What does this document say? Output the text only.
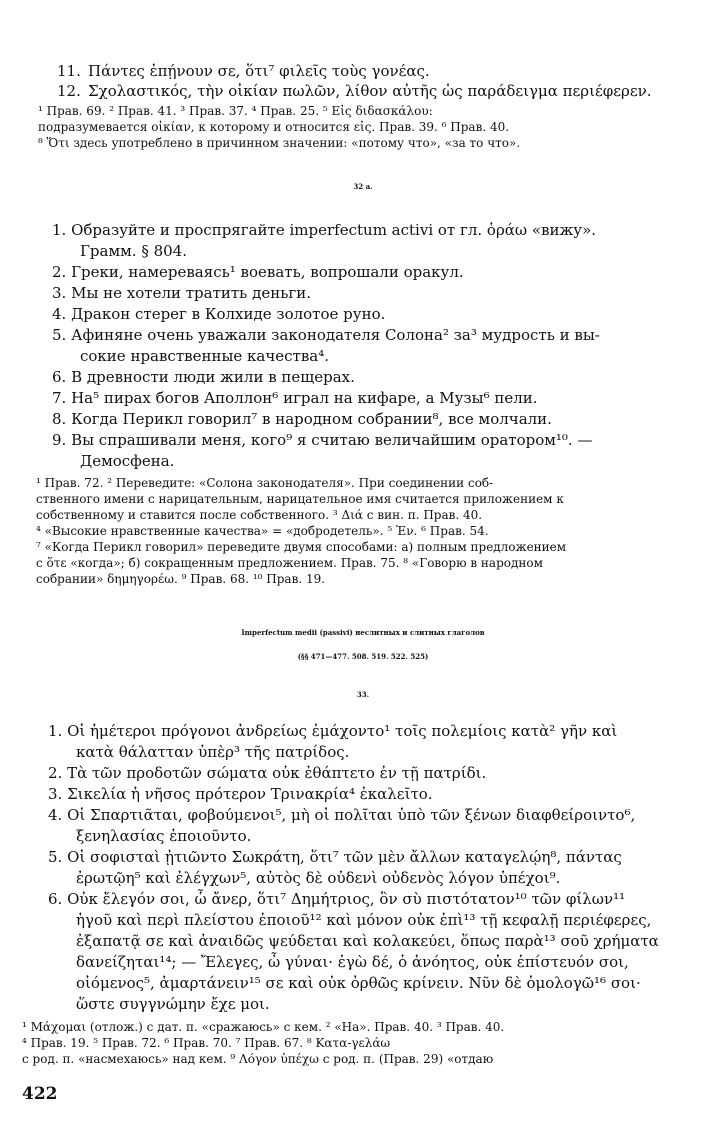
11. Πάντες ἐπῄνουν σε, ὅτι⁷ φιλεῖς τοὺς γονέας.
12. Σχολαστικός, τὴν οἰκίαν πωλῶν, λίθον αὐτῆς ὡς παράδειγμα περιέφερεν.
¹ Прав. 69. ² Прав. 41. ³ Прав. 37. ⁴ Прав. 25. ⁵ Εἰς διδασκάλου:
подразумевается οἰκίαν, к которому и относится εἰς. Прав. 39. ⁶ Прав. 40.
⁸ Ὅτι здесь употреблено в причинном значении: «потому что», «за то что».
32 а.
1. Образуйте и проспрягайте imperfectum activi от гл. ὁράω «вижу».
Грамм. § 804.
2. Греки, намереваясь¹ воевать, вопрошали оракул.
3. Мы не хотели тратить деньги.
4. Дракон стерег в Колхиде золотое руно.
5. Афиняне очень уважали законодателя Солона² за³ мудрость и вы-
сокие нравственные качества⁴.
6. В древности люди жили в пещерах.
7. На⁵ пирах богов Аполлон⁶ играл на кифаре, а Музы⁶ пели.
8. Когда Перикл говорил⁷ в народном собрании⁸, все молчали.
9. Вы спрашивали меня, кого⁹ я считаю величайшим оратором¹⁰. —
Демосфена.
¹ Прав. 72. ² Переведите: «Солона законодателя». При соединении соб-
ственного имени с нарицательным, нарицательное имя считается приложением к
собственному и ставится после собственного. ³ Διά с вин. п. Прав. 40.
⁴ «Высокие нравственные качества» = «добродетель». ⁵ Ἐν. ⁶ Прав. 54.
⁷ «Когда Перикл говорил» переведите двумя способами: а) полным предложением
с ὅτε «когда»; б) сокращенным предложением. Прав. 75. ⁸ «Говорю в народном
собрании» δημηγορέω. ⁹ Прав. 68. ¹⁰ Прав. 19.
Imperfectum medii (passivi) неслитных и слитных глаголов
(§§ 471—477. 508. 519. 522. 525)
33.
1. Οἱ ἡμέτεροι πρόγονοι ἀνδρείως ἐμάχοντο¹ τοῖς πολεμίοις κατὰ² γῆν καὶ
κατὰ θάλατταν ὑπὲρ³ τῆς πατρίδος.
2. Τὰ τῶν προδοτῶν σώματα οὐκ ἐθάπτετο ἐν τῇ πατρίδι.
3. Σικελία ἡ νῆσος πρότερον Τρινακρία⁴ ἐκαλεῖτο.
4. Οἱ Σπαρτιᾶται, φοβούμενοι⁵, μὴ οἱ πολῖται ὑπὸ τῶν ξένων διαφθείροιντο⁶,
ξενηλασίας ἐποιοῦντο.
5. Οἱ σοφισταὶ ᾐτιῶντο Σωκράτη, ὅτι⁷ τῶν μὲν ἄλλων καταγελῴη⁸, πάντας
ἐρωτῷη⁵ καὶ ἐλέγχων⁵, αὐτὸς δὲ οὐδενὶ οὐδενὸς λόγον ὑπέχοι⁹.
6. Οὐκ ἔλεγόν σοι, ὦ ἄνερ, ὅτι⁷ Δημήτριος, ὃν σὺ πιστότατον¹⁰ τῶν φίλων¹¹
ἡγοῦ καὶ περὶ πλείστου ἐποιοῦ¹² καὶ μόνον οὐκ ἐπὶ¹³ τῇ κεφαλῇ περιέφερες,
ἐξαπατᾷ σε καὶ ἀναιδῶς ψεύδεται καὶ κολακεύει, ὅπως παρὰ¹³ σοῦ χρήματα
δανείζηται¹⁴; — Ἔλεγες, ὦ γύναι· ἐγὼ δέ, ὁ ἀνόητος, οὐκ ἐπίστευόν σοι,
οἰόμενος⁵, ἁμαρτάνειν¹⁵ σε καὶ οὐκ ὀρθῶς κρίνειν. Νῦν δὲ ὁμολογῶ¹⁶ σοι·
ὥστε συγγνώμην ἔχε μοι.
¹ Μάχομαι (отлож.) с дат. п. «сражаюсь» с кем. ² «На». Прав. 40. ³ Прав. 40.
⁴ Прав. 19. ⁵ Прав. 72. ⁶ Прав. 70. ⁷ Прав. 67. ⁸ Κατα-γελάω
с род. п. «насмехаюсь» над кем. ⁹ Λόγον ὑπέχω с род. п. (Прав. 29) «отдаю
422
